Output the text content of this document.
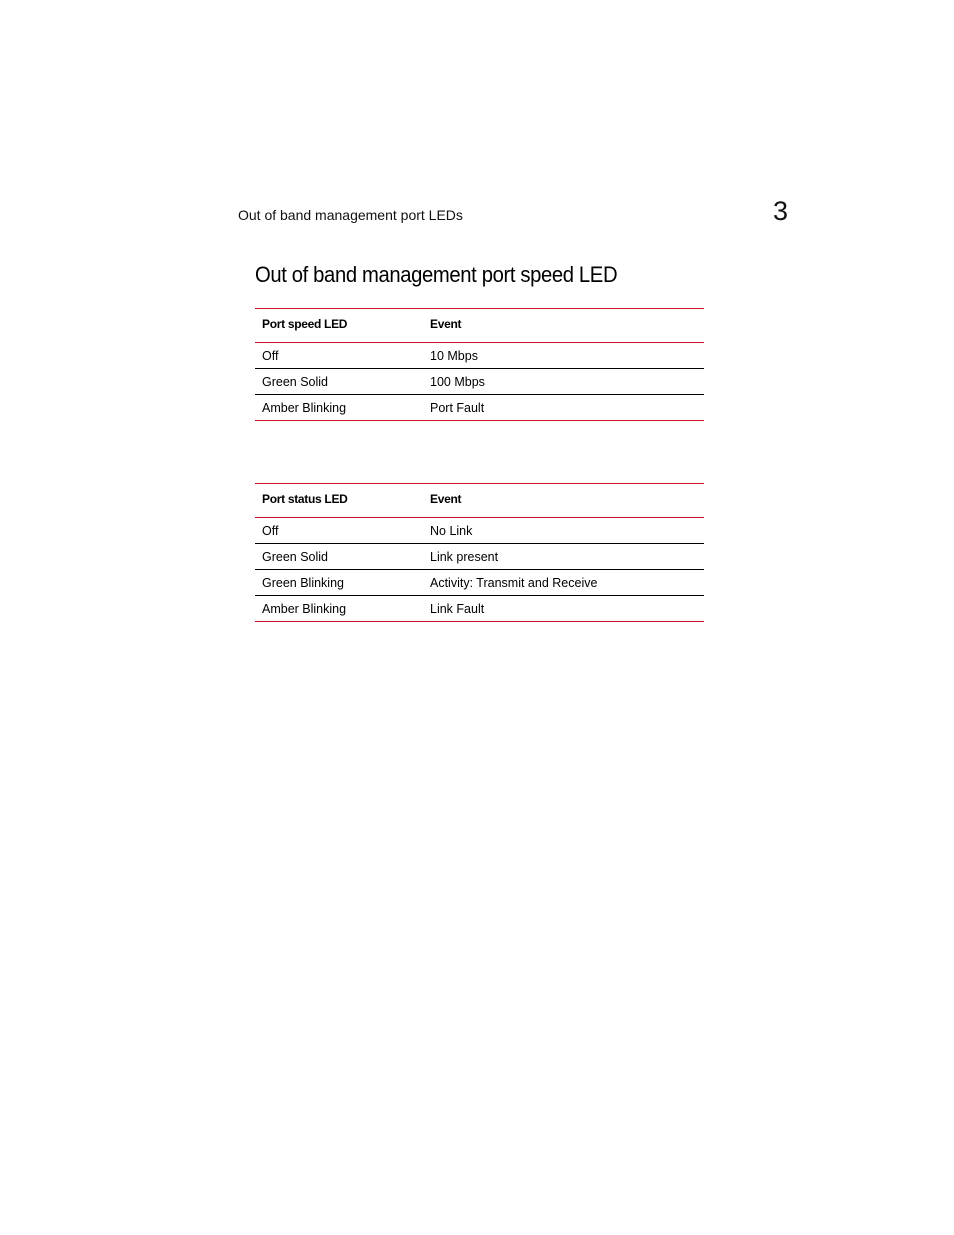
Out of band management port LEDs	3
Out of band management port speed LED
Port speed LED	Event
Off	10 Mbps
Green Solid	100 Mbps
Amber Blinking	Port Fault
Port status LED	Event
Off	No Link
Green Solid	Link present
Green Blinking	Activity: Transmit and Receive
Amber Blinking	Link Fault
